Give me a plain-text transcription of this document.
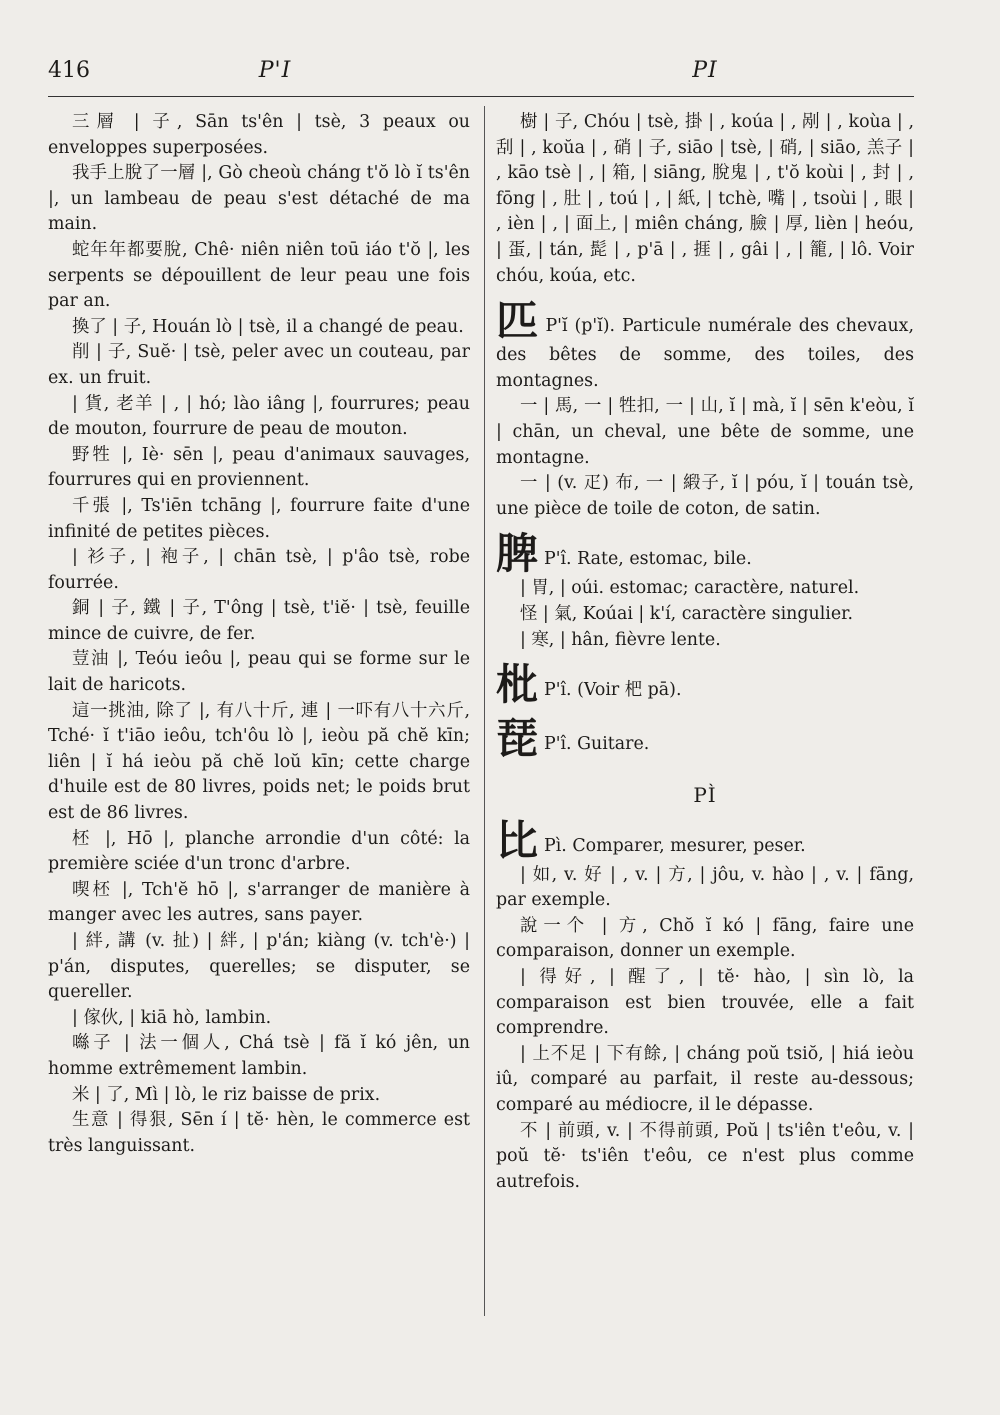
416	P'I	PI

三層 | 子, Sān ts'ên | tsè, 3 peaux ou enveloppes superposées.

我手上脫了一層 |, Gò cheoù cháng t'ŏ lò ĭ ts'ên |, un lambeau de peau s'est détaché de ma main.

蛇年年都要脫, Chê· niên niên toū iáo t'ŏ |, les serpents se dépouillent de leur peau une fois par an.

換了 | 子, Houán lò | tsè, il a changé de peau.

削 | 子, Suĕ· | tsè, peler avec un couteau, par ex. un fruit.

| 貨, 老羊 | , | hó; lào iâng |, fourrures; peau de mouton, fourrure de peau de mouton.

野牲 |, Iè· sēn |, peau d'animaux sauvages, fourrures qui en proviennent.

千張 |, Ts'iēn tchāng |, fourrure faite d'une infinité de petites pièces.

| 衫子, | 袍子, | chān tsè, | p'âo tsè, robe fourrée.

銅 | 子, 鐵 | 子, T'ông | tsè, t'iĕ· | tsè, feuille mince de cuivre, de fer.

荳油 |, Teóu ieôu |, peau qui se forme sur le lait de haricots.

這一挑油, 除了 |, 有八十斤, 連 | 一吓有八十六斤, Tché· ĭ t'iāo ieôu, tch'ôu lò |, ieòu pă chĕ kīn; liên | ĭ há ieòu pă chĕ loŭ kīn; cette charge d'huile est de 80 livres, poids net; le poids brut est de 86 livres.

柸 |, Hō |, planche arrondie d'un côté: la première sciée d'un tronc d'arbre.

喫柸 |, Tch'ĕ hō |, s'arranger de manière à manger avec les autres, sans payer.

| 絆, 講 (v. 扯) | 絆, | p'án; kiàng (v. tch'è·) | p'án, disputes, querelles; se disputer, se quereller.

| 傢伙, | kiā hò, lambin.

噝子 | 法一個人, Chá tsè | fă ĭ kó jên, un homme extrêmement lambin.

米 | 了, Mì | lò, le riz baisse de prix.

生意 | 得狠, Sēn í | tĕ· hèn, le commerce est très languissant.

樹 | 子, Chóu | tsè, 掛 | , koúa | , 剐 | , koùa | , 刮 | , koŭa | , 硝 | 子, siāo | tsè, | 硝, | siāo, 羔子 | , kāo tsè | , | 箱, | siāng, 脫鬼 | , t'ŏ koùi | , 封 | , fōng | , 肚 | , toú | , | 紙, | tchè, 嘴 | , tsoùi | , 眼 | , ièn | , | 面上, | miên cháng, 臉 | 厚, lièn | heóu, | 蛋, | tán, 髭 | , p'ā | , 捱 | , gâi | , | 籠, | lô. Voir chóu, koúa, etc.

匹 P'ĭ (p'ĭ). Particule numérale des chevaux, des bêtes de somme, des toiles, des montagnes.

一 | 馬, 一 | 牲扣, 一 | 山, ĭ | mà, ĭ | sēn k'eòu, ĭ | chān, un cheval, une bête de somme, une montagne.

一 | (v. 疋) 布, 一 | 緞子, ĭ | póu, ĭ | touán tsè, une pièce de toile de coton, de satin.

脾 P'î. Rate, estomac, bile.

| 胃, | oúi. estomac; caractère, naturel.

怪 | 氣, Koúai | k'í, caractère singulier.

| 寒, | hân, fièvre lente.

枇 P'î. (Voir 杷 pā).

琵 P'î. Guitare.

PÌ

比 Pì. Comparer, mesurer, peser.

| 如, v. 好 | , v. | 方, | jôu, v. hào | , v. | fāng, par exemple.

說一个 | 方, Chŏ ĭ kó | fāng, faire une comparaison, donner un exemple.

| 得好, | 醒了, | tĕ· hào, | sìn lò, la comparaison est bien trouvée, elle a fait comprendre.

| 上不足 | 下有餘, | cháng poŭ tsiŏ, | hiá ieòu iû, comparé au parfait, il reste au-dessous; comparé au médiocre, il le dépasse.

不 | 前頭, v. | 不得前頭, Poŭ | ts'iên t'eôu, v. | poŭ tĕ· ts'iên t'eôu, ce n'est plus comme autrefois.
